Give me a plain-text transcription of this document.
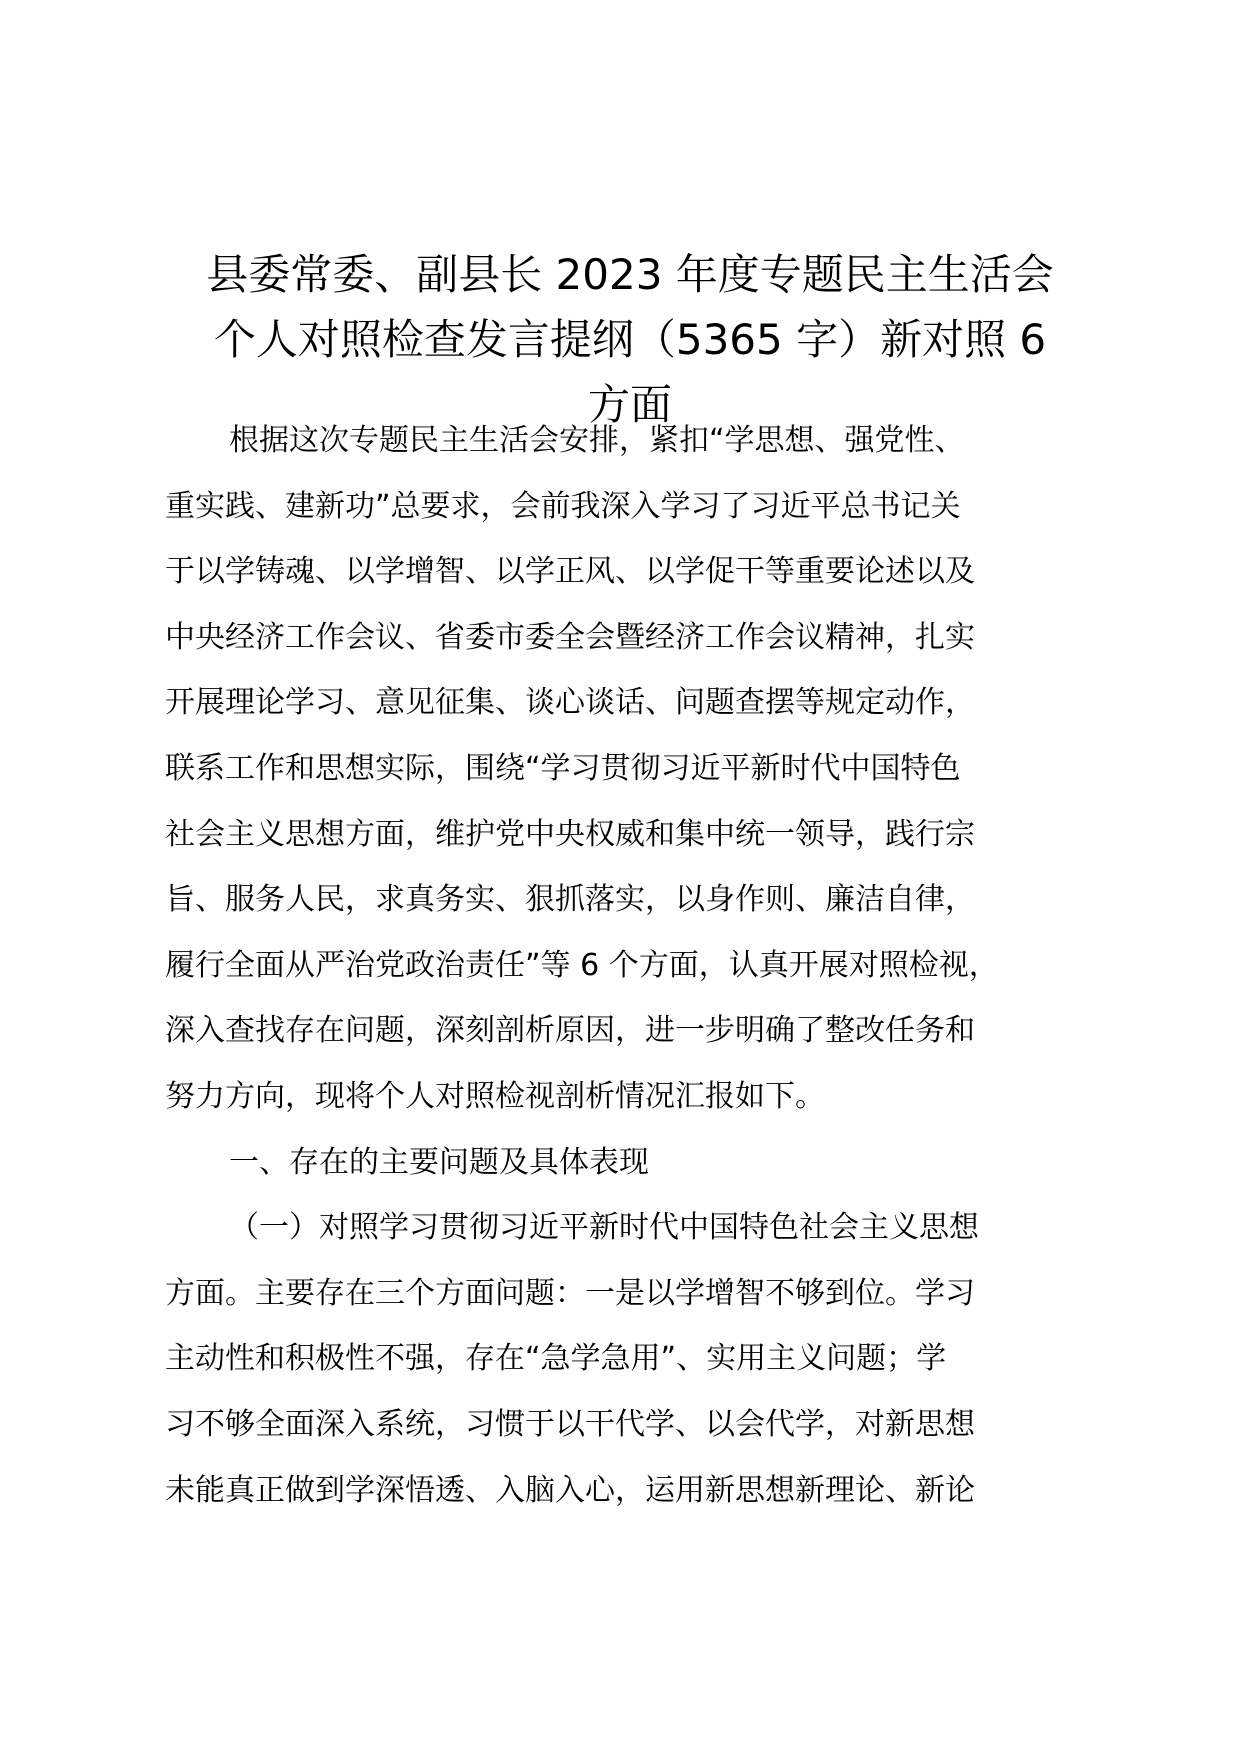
县委常委、副县长 2023 年度专题民主生活会
个人对照检查发言提纲（5365 字）新对照 6
方面
根据这次专题民主生活会安排，紧扣“学思想、强党性、
重实践、建新功”总要求，会前我深入学习了习近平总书记关
于以学铸魂、以学增智、以学正风、以学促干等重要论述以及
中央经济工作会议、省委市委全会暨经济工作会议精神，扎实
开展理论学习、意见征集、谈心谈话、问题查摆等规定动作，
联系工作和思想实际，围绕“学习贯彻习近平新时代中国特色
社会主义思想方面，维护党中央权威和集中统一领导，践行宗
旨、服务人民，求真务实、狠抓落实，以身作则、廉洁自律，
履行全面从严治党政治责任”等 6 个方面，认真开展对照检视，
深入查找存在问题，深刻剖析原因，进一步明确了整改任务和
努力方向，现将个人对照检视剖析情况汇报如下。
一、存在的主要问题及具体表现
（一）对照学习贯彻习近平新时代中国特色社会主义思想
方面。主要存在三个方面问题：一是以学增智不够到位。学习
主动性和积极性不强，存在“急学急用”、实用主义问题；学
习不够全面深入系统，习惯于以干代学、以会代学，对新思想
未能真正做到学深悟透、入脑入心，运用新思想新理论、新论
